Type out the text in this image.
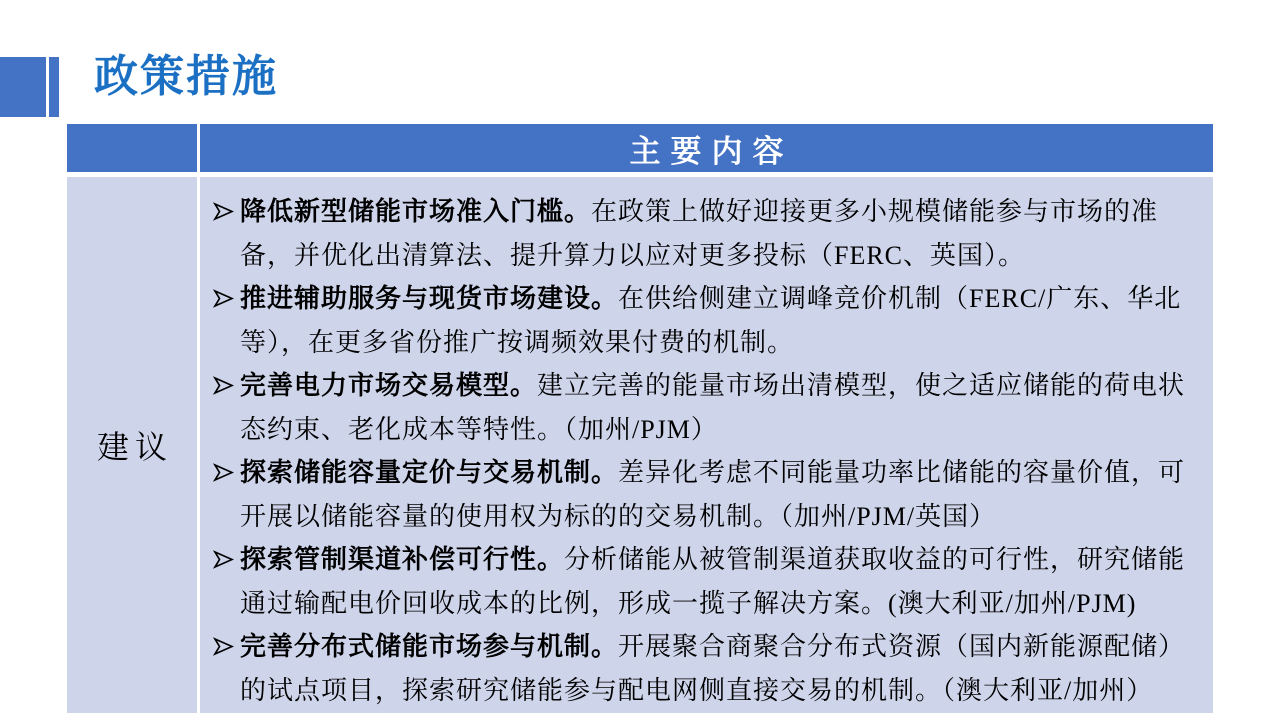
政策措施
主要内容
建议
降低新型储能市场准入门槛。在政策上做好迎接更多小规模储能参与市场的准备，并优化出清算法、提升算力以应对更多投标（FERC、英国）。
推进辅助服务与现货市场建设。在供给侧建立调峰竞价机制（FERC/广东、华北等），在更多省份推广按调频效果付费的机制。
完善电力市场交易模型。建立完善的能量市场出清模型，使之适应储能的荷电状态约束、老化成本等特性。（加州/PJM）
探索储能容量定价与交易机制。差异化考虑不同能量功率比储能的容量价值，可开展以储能容量的使用权为标的的交易机制。（加州/PJM/英国）
探索管制渠道补偿可行性。分析储能从被管制渠道获取收益的可行性，研究储能通过输配电价回收成本的比例，形成一揽子解决方案。(澳大利亚/加州/PJM)
完善分布式储能市场参与机制。开展聚合商聚合分布式资源（国内新能源配储）的试点项目，探索研究储能参与配电网侧直接交易的机制。（澳大利亚/加州）
